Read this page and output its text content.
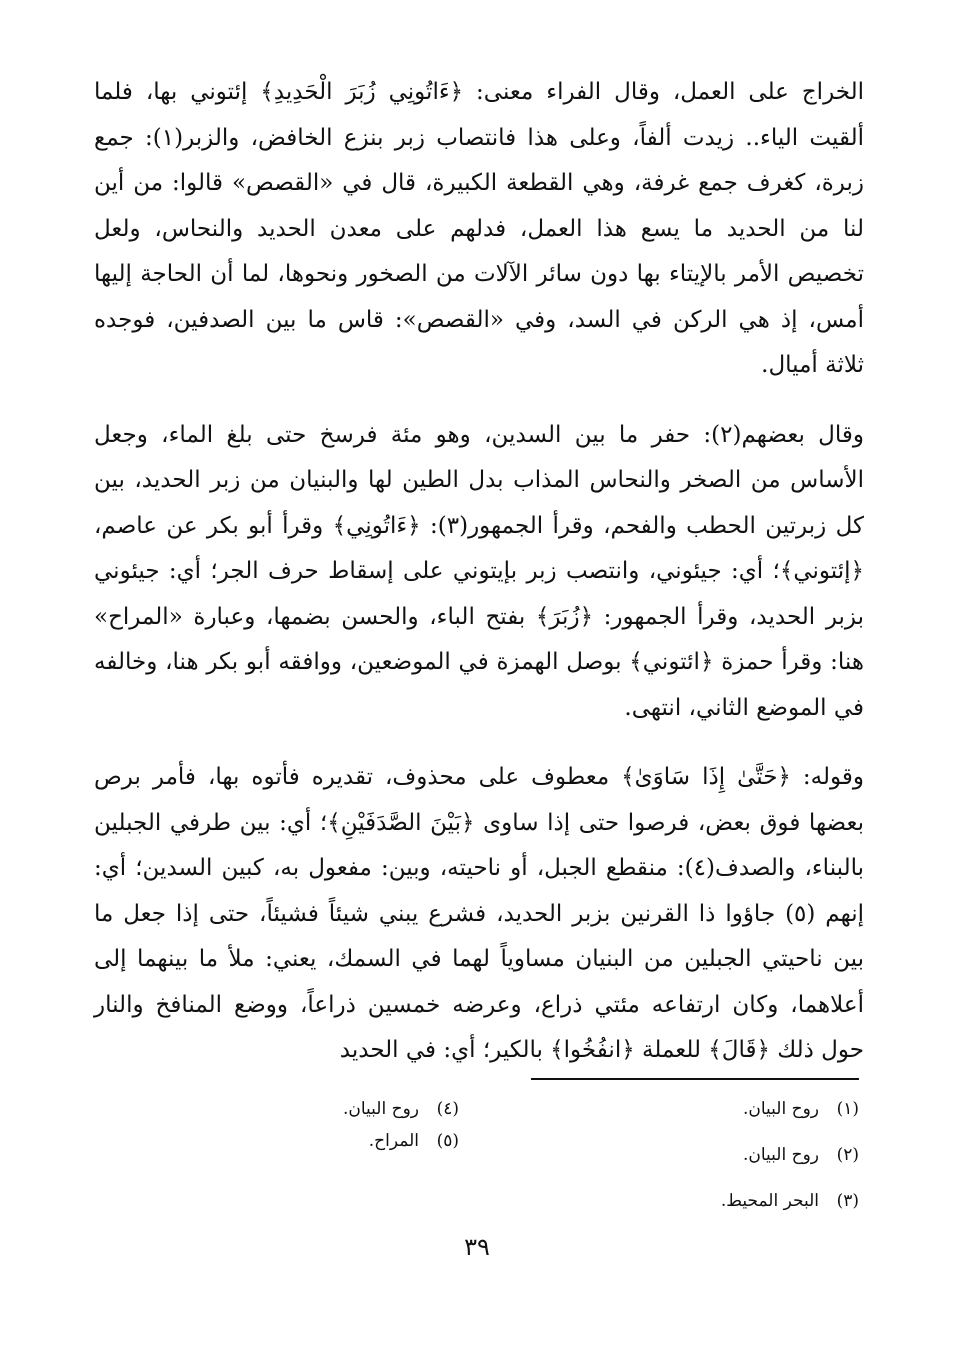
الخراج على العمل، وقال الفراء معنى: ﴿ءَاتُونِي زُبَرَ الْحَدِيدِ﴾ إئتوني بها، فلما ألقيت الياء.. زيدت ألفاً، وعلى هذا فانتصاب زبر بنزع الخافض، والزبر(١): جمع زبرة، كغرف جمع غرفة، وهي القطعة الكبيرة، قال في «القصص» قالوا: من أين لنا من الحديد ما يسع هذا العمل، فدلهم على معدن الحديد والنحاس، ولعل تخصيص الأمر بالإيتاء بها دون سائر الآلات من الصخور ونحوها، لما أن الحاجة إليها أمس، إذ هي الركن في السد، وفي «القصص»: قاس ما بين الصدفين، فوجده ثلاثة أميال.

وقال بعضهم(٢): حفر ما بين السدين، وهو مئة فرسخ حتى بلغ الماء، وجعل الأساس من الصخر والنحاس المذاب بدل الطين لها والبنيان من زبر الحديد، بين كل زبرتين الحطب والفحم، وقرأ الجمهور(٣): ﴿ءَاتُونِي﴾ وقرأ أبو بكر عن عاصم، ﴿إئتوني﴾؛ أي: جيئوني، وانتصب زبر بإيتوني على إسقاط حرف الجر؛ أي: جيئوني بزبر الحديد، وقرأ الجمهور: ﴿زُبَرَ﴾ بفتح الباء، والحسن بضمها، وعبارة «المراح» هنا: وقرأ حمزة ﴿ائتوني﴾ بوصل الهمزة في الموضعين، ووافقه أبو بكر هنا، وخالفه في الموضع الثاني، انتهى.

وقوله: ﴿حَتَّىٰ إِذَا سَاوَىٰ﴾ معطوف على محذوف، تقديره فأتوه بها، فأمر برص بعضها فوق بعض، فرصوا حتى إذا ساوى ﴿بَيْنَ الصَّدَفَيْنِ﴾؛ أي: بين طرفي الجبلين بالبناء، والصدف(٤): منقطع الجبل، أو ناحيته، وبين: مفعول به، كبين السدين؛ أي: إنهم (٥) جاؤوا ذا القرنين بزبر الحديد، فشرع يبني شيئاً فشيئاً، حتى إذا جعل ما بين ناحيتي الجبلين من البنيان مساوياً لهما في السمك، يعني: ملأ ما بينهما إلى أعلاهما، وكان ارتفاعه مئتي ذراع، وعرضه خمسين ذراعاً، ووضع المنافخ والنار حول ذلك ﴿قَالَ﴾ للعملة ﴿انفُخُوا﴾ بالكير؛ أي: في الحديد

(١)روح البيان.
(٢)روح البيان.
(٣)البحر المحيط.
(٤)روح البيان.
(٥)المراح.
٣٩
